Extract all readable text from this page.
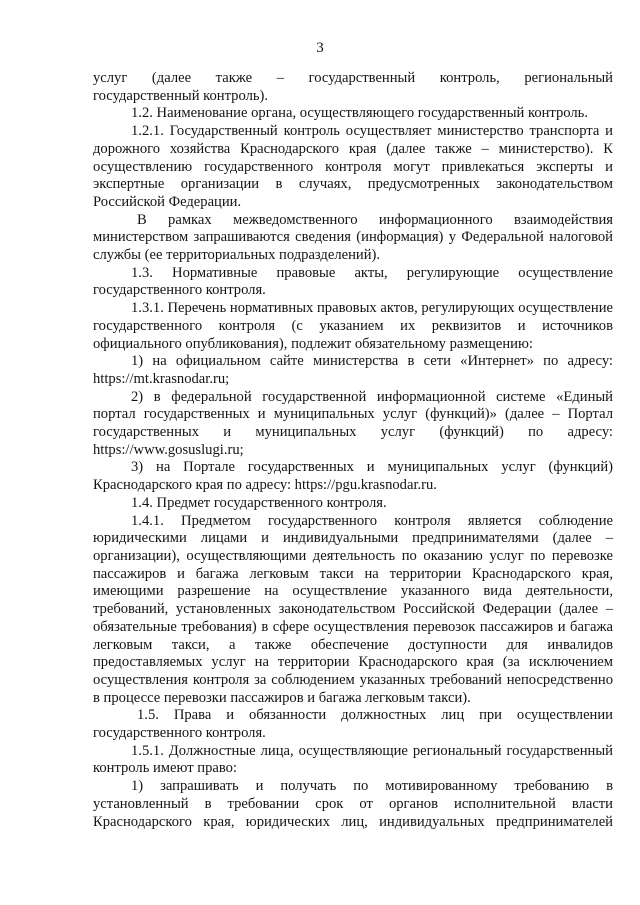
3

услуг (далее также – государственный контроль, региональный

государственный контроль).

1.2. Наименование органа, осуществляющего государственный контроль.

1.2.1. Государственный контроль осуществляет министерство транспорта и дорожного хозяйства Краснодарского края (далее также – министерство). К осуществлению государственного контроля могут привлекаться эксперты и экспертные организации в случаях, предусмотренных законодательством Российской Федерации.

В рамках межведомственного информационного взаимодействия министерством запрашиваются сведения (информация) у Федеральной налоговой службы (ее территориальных подразделений).

1.3. Нормативные правовые акты, регулирующие осуществление государственного контроля.

1.3.1. Перечень нормативных правовых актов, регулирующих осуществление государственного контроля (с указанием их реквизитов и источников официального опубликования), подлежит обязательному размещению:

1) на официальном сайте министерства в сети «Интернет» по адресу: https://mt.krasnodar.ru;

2) в федеральной государственной информационной системе «Единый портал государственных и муниципальных услуг (функций)» (далее – Портал государственных и муниципальных услуг (функций) по адресу: https://www.gosuslugi.ru;

3) на Портале государственных и муниципальных услуг (функций) Краснодарского края по адресу: https://pgu.krasnodar.ru.

1.4. Предмет государственного контроля.

1.4.1. Предметом государственного контроля является соблюдение юридическими лицами и индивидуальными предпринимателями (далее – организации), осуществляющими деятельность по оказанию услуг по перевозке пассажиров и багажа легковым такси на территории Краснодарского края, имеющими разрешение на осуществление указанного вида деятельности, требований, установленных законодательством Российской Федерации (далее – обязательные требования) в сфере осуществления перевозок пассажиров и багажа легковым такси, а также обеспечение доступности для инвалидов предоставляемых услуг на территории Краснодарского края (за исключением осуществления контроля за соблюдением указанных требований непосредственно в процессе перевозки пассажиров и багажа легковым такси).

1.5. Права и обязанности должностных лиц при осуществлении государственного контроля.

1.5.1. Должностные лица, осуществляющие региональный государственный контроль имеют право:

1) запрашивать и получать по мотивированному требованию в установленный в требовании срок от органов исполнительной власти Краснодарского края, юридических лиц, индивидуальных предпринимателей
